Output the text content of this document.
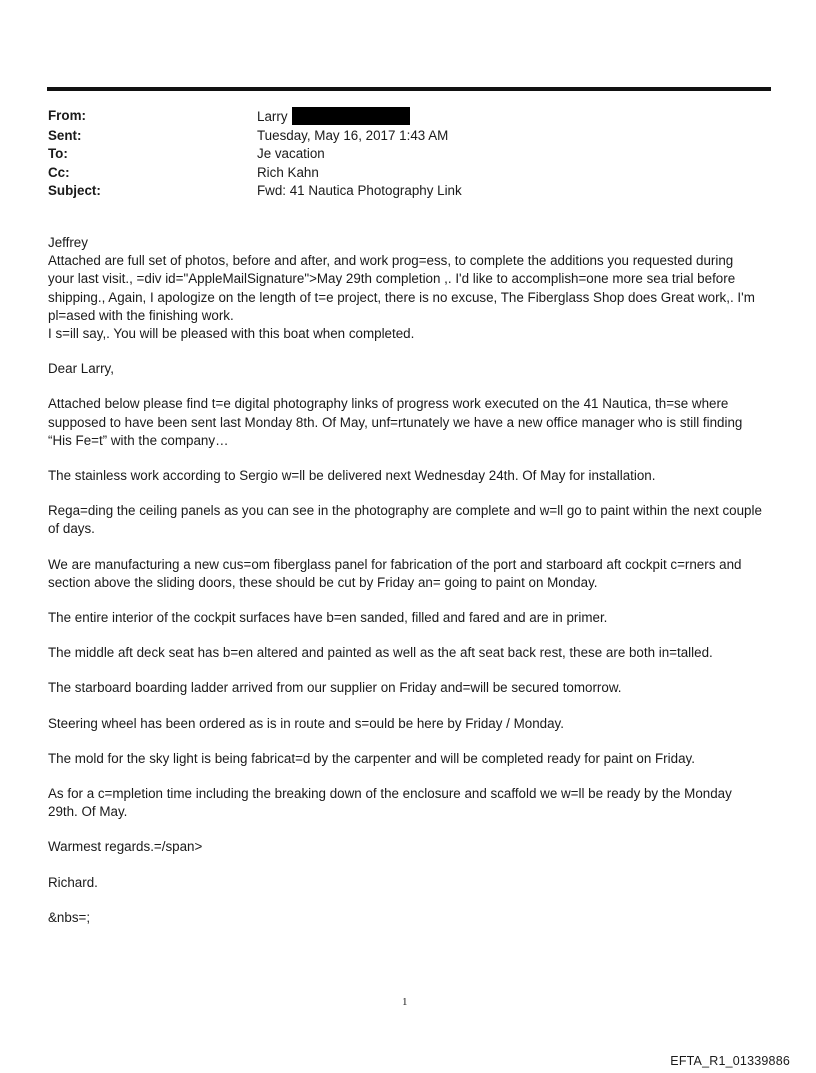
From:	Larry
Sent:	Tuesday, May 16, 2017 1:43 AM
To:	Je vacation
Cc:	Rich Kahn
Subject:	Fwd: 41 Nautica Photography Link

Jeffrey
Attached are full set of photos, before and after, and work prog=ess, to complete the additions you requested during
your last visit., =div id="AppleMailSignature">May 29th completion ,. I'd like to accomplish=one more sea trial before
shipping., Again, I apologize on the length of t=e project, there is no excuse, The Fiberglass Shop does Great work,. I'm
pl=ased with the finishing work.
I s=ill say,. You will be pleased with this boat when completed.

Dear Larry,

Attached below please find t=e digital photography links of progress work executed on the 41 Nautica, th=se where
supposed to have been sent last Monday 8th. Of May, unf=rtunately we have a new office manager who is still finding
“His Fe=t” with the company…

The stainless work according to Sergio w=ll be delivered next Wednesday 24th. Of May for installation.

Rega=ding the ceiling panels as you can see in the photography are complete and w=ll go to paint within the next couple
of days.

We are manufacturing a new cus=om fiberglass panel for fabrication of the port and starboard aft cockpit c=rners and
section above the sliding doors, these should be cut by Friday an= going to paint on Monday.

The entire interior of the cockpit surfaces have b=en sanded, filled and fared and are in primer.

The middle aft deck seat has b=en altered and painted as well as the aft seat back rest, these are both in=talled.

The starboard boarding ladder arrived from our supplier on Friday and=will be secured tomorrow.

Steering wheel has been ordered as is in route and s=ould be here by Friday / Monday.

The mold for the sky light is being fabricat=d by the carpenter and will be completed ready for paint on Friday.

As for a c=mpletion time including the breaking down of the enclosure and scaffold we w=ll be ready by the Monday
29th. Of May.

Warmest regards.=/span>

Richard.

&nbs=;

1
EFTA_R1_01339886
